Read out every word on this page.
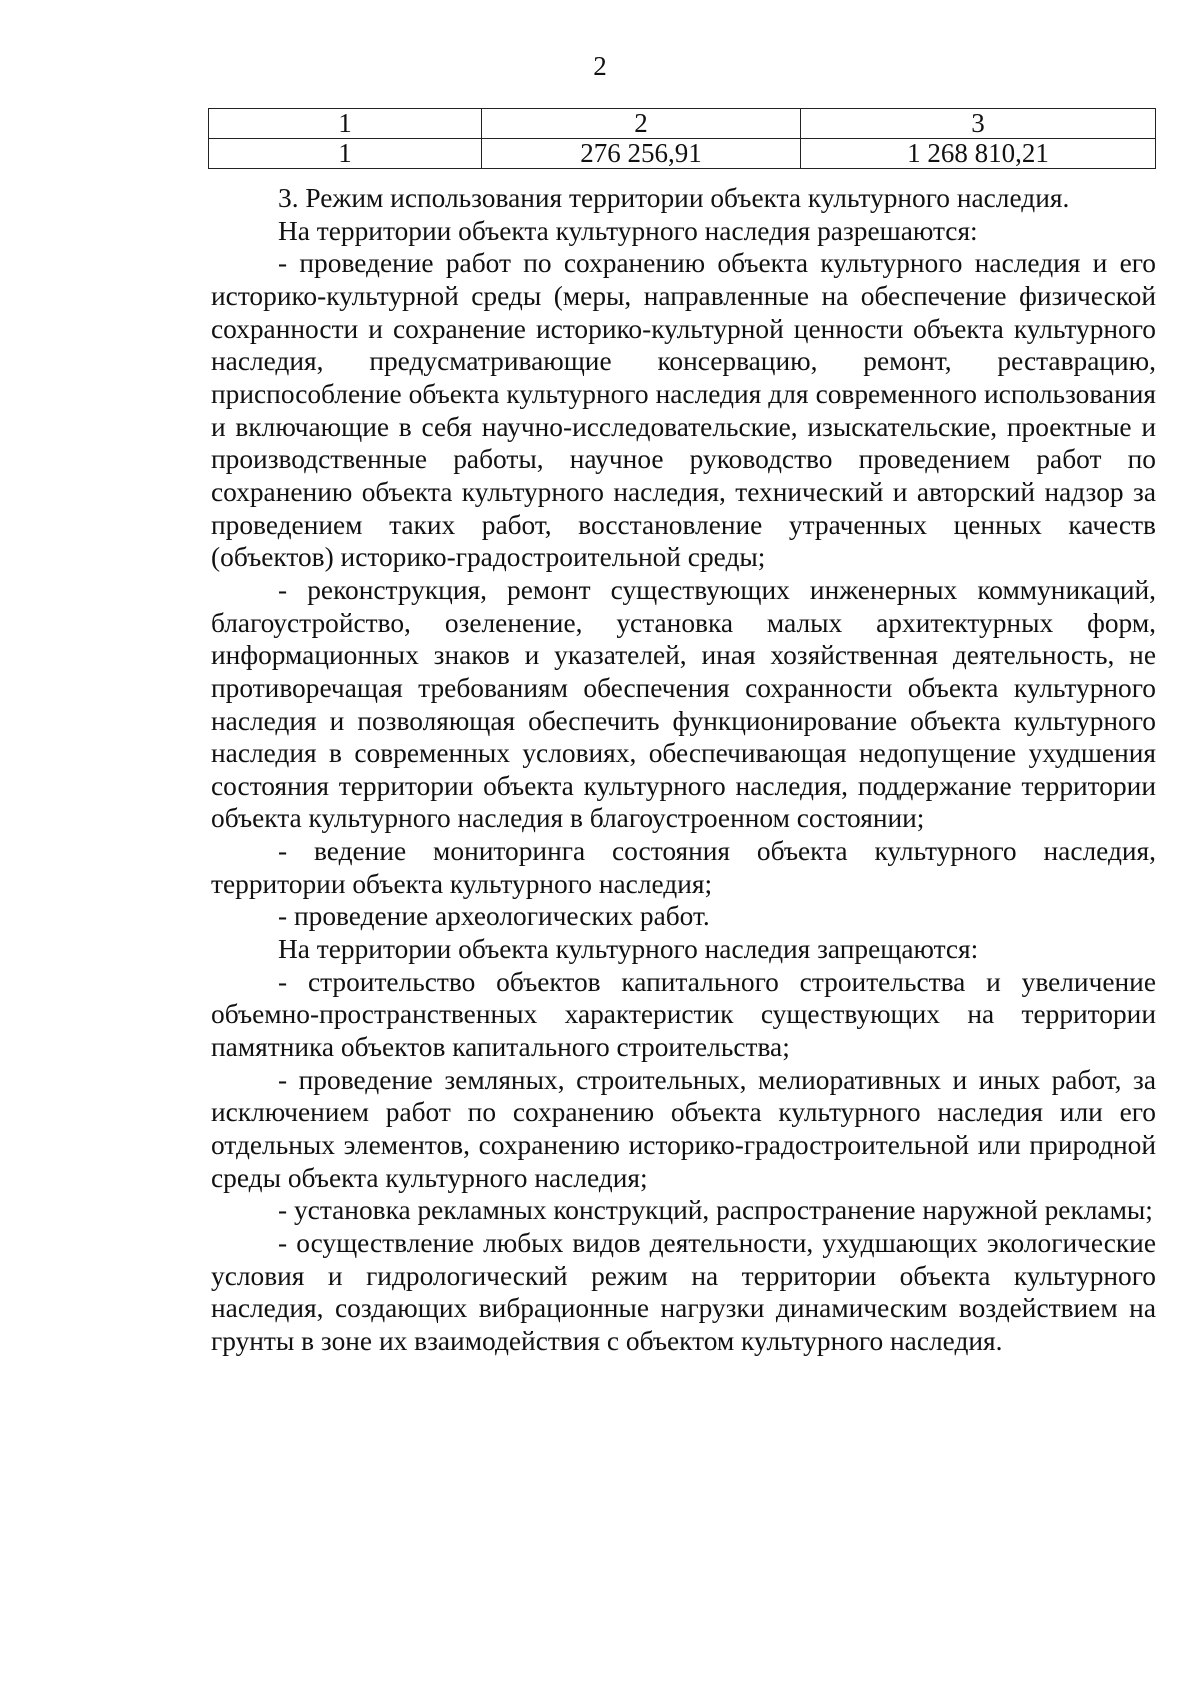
2
1	2	3
1	276 256,91	1 268 810,21

3. Режим использования территории объекта культурного наследия.

На территории объекта культурного наследия разрешаются:

- проведение работ по сохранению объекта культурного наследия и его историко-культурной среды (меры, направленные на обеспечение физической сохранности и сохранение историко-культурной ценности объекта культурного наследия, предусматривающие консервацию, ремонт, реставрацию, приспособление объекта культурного наследия для современного использования и включающие в себя научно-исследовательские, изыскательские, проектные и производственные работы, научное руководство проведением работ по сохранению объекта культурного наследия, технический и авторский надзор за проведением таких работ, восстановление утраченных ценных качеств (объектов) историко-градостроительной среды;

- реконструкция, ремонт существующих инженерных коммуникаций, благоустройство, озеленение, установка малых архитектурных форм, информационных знаков и указателей, иная хозяйственная деятельность, не противоречащая требованиям обеспечения сохранности объекта культурного наследия и позволяющая обеспечить функционирование объекта культурного наследия в современных условиях, обеспечивающая недопущение ухудшения состояния территории объекта культурного наследия, поддержание территории объекта культурного наследия в благоустроенном состоянии;

- ведение мониторинга состояния объекта культурного наследия, территории объекта культурного наследия;

- проведение археологических работ.

На территории объекта культурного наследия запрещаются:

- строительство объектов капитального строительства и увеличение объемно-пространственных характеристик существующих на территории памятника объектов капитального строительства;

- проведение земляных, строительных, мелиоративных и иных работ, за исключением работ по сохранению объекта культурного наследия или его отдельных элементов, сохранению историко-градостроительной или природной среды объекта культурного наследия;

- установка рекламных конструкций, распространение наружной рекламы;

- осуществление любых видов деятельности, ухудшающих экологические условия и гидрологический режим на территории объекта культурного наследия, создающих вибрационные нагрузки динамическим воздействием на грунты в зоне их взаимодействия с объектом культурного наследия.
